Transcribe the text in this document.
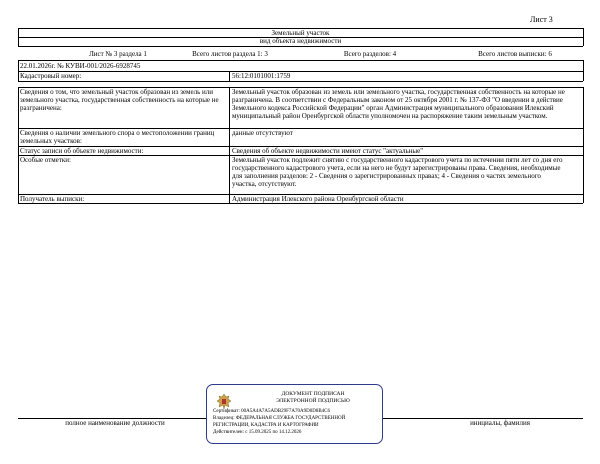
Лист 3
Земельный участок
вид объекта недвижимости
Лист № 3 раздела 1	Всего листов раздела 1: 3	Всего разделов: 4	Всего листов выписки: 6
22.01.2026г. № КУВИ-001/2026-6928745
Кадастровый номер:	56:12:0101001:1759
Сведения о том, что земельный участок образован из земель или земельного участка, государственная собственность на которые не разграничена:
Земельный участок образован из земель или земельного участка, государственная собственность на которые не разграничена. В соответствии с Федеральным законом от 25 октября 2001 г. № 137-ФЗ "О введении в действие Земельного кодекса Российской Федерации" орган Администрация муниципального образования Илекский муниципальный район Оренбургской области уполномочен на распоряжение таким земельным участком.
Сведения о наличии земельного спора о местоположении границ земельных участков:
данные отсутствуют
Статус записи об объекте недвижимости:	Сведения об объекте недвижимости имеют статус "актуальные"
Особые отметки:	Земельный участок подлежит снятию с государственного кадастрового учета по истечении пяти лет со дня его государственного кадастрового учета, если на него не будут зарегистрированы права. Сведения, необходимые для заполнения разделов: 2 - Сведения о зарегистрированных правах; 4 - Сведения о частях земельного участка, отсутствуют.
Получатель выписки:	Администрация Илекского района Оренбургской области
полное наименование должности	инициалы, фамилия
ДОКУМЕНТ ПОДПИСАН
ЭЛЕКТРОННОЙ ПОДПИСЬЮ
Сертификат: 00A5A4A7A5ADB29F7A70A9D0D8B4C6
Владелец: ФЕДЕРАЛЬНАЯ СЛУЖБА ГОСУДАРСТВЕННОЙ
РЕГИСТРАЦИИ, КАДАСТРА И КАРТОГРАФИИ
Действителен: с 15.09.2025 по 14.12.2026
